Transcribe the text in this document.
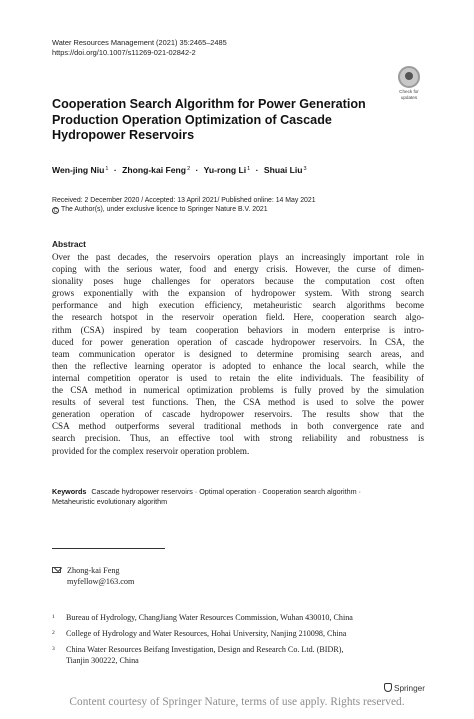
Water Resources Management (2021) 35:2465–2485
https://doi.org/10.1007/s11269-021-02842-2
Check for
updates
Cooperation Search Algorithm for Power Generation
Production Operation Optimization of Cascade
Hydropower Reservoirs
Wen-jing Niu$^1$ · Zhong-kai Feng$^2$ · Yu-rong $Li^1$ · Shuai Liu$^3$
Received: 2 December 2020 / Accepted: 13 April 2021/ Published online: 14 May 2021
C The Author(s), under exclusive licence to Springer Nature B.V. 2021
Abstract
Over the past decades, the reservoirs operation plays an increasingly important role in
coping with the serious water, food and energy crisis. However, the curse of dimen-
sionality poses huge challenges for operators because the computation cost often
grows exponentially with the expansion of hydropower system. With strong search
performance and high execution efficiency, metaheuristic search algorithms become
the research hotspot in the reservoir operation field. Here, cooperation search algo-
rithm (CSA) inspired by team cooperation behaviors in modern enterprise is intro-
duced for power generation operation of cascade hydropower reservoirs. In CSA, the
team communication operator is designed to determine promising search areas, and
then the reflective learning operator is adopted to enhance the local search, while the
internal competition operator is used to retain the elite individuals. The feasibility of
the CSA method in numerical optimization problems is fully proved by the simulation
results of several test functions. Then, the CSA method is used to solve the power
generation operation of cascade hydropower reservoirs. The results show that the
CSA method outperforms several traditional methods in both convergence rate and
search precision. Thus, an effective tool with strong reliability and robustness is
provided for the complex reservoir operation problem.
Keywords Cascade hydropower reservoirs · Optimal operation · Cooperation search algorithm ·
Metaheuristic evolutionary algorithm
Zhong-kai Feng
myfellow@163.com
1 Bureau of Hydrology, ChangJiang Water Resources Commission, Wuhan 430010, China
2 College of Hydrology and Water Resources, Hohai University, Nanjing 210098, China
3 China Water Resources Beifang Investigation, Design and Research Co. Ltd. (BIDR),
Tianjin 300222, China
Springer
Content courtesy of Springer Nature, terms of use apply. Rights reserved.
